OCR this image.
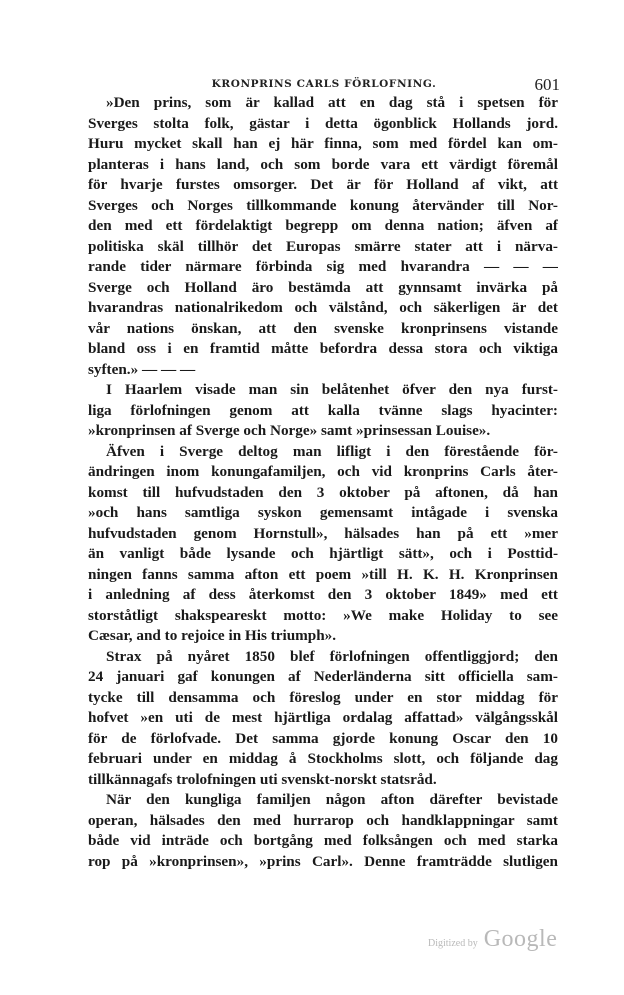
KRONPRINS CARLS FÖRLOFNING.	601
»Den prins, som är kallad att en dag stå i spetsen för
Sverges stolta folk, gästar i detta ögonblick Hollands jord.
Huru mycket skall han ej här finna, som med fördel kan om-
planteras i hans land, och som borde vara ett värdigt föremål
för hvarje furstes omsorger. Det är för Holland af vikt, att
Sverges och Norges tillkommande konung återvänder till Nor-
den med ett fördelaktigt begrepp om denna nation; äfven af
politiska skäl tillhör det Europas smärre stater att i närva-
rande tider närmare förbinda sig med hvarandra — — —
Sverge och Holland äro bestämda att gynnsamt invärka på
hvarandras nationalrikedom och välstånd, och säkerligen är det
vår nations önskan, att den svenske kronprinsens vistande
bland oss i en framtid måtte befordra dessa stora och viktiga
syften.» — — —
I Haarlem visade man sin belåtenhet öfver den nya furst-
liga förlofningen genom att kalla tvänne slags hyacinter:
»kronprinsen af Sverge och Norge» samt »prinsessan Louise».
Äfven i Sverge deltog man lifligt i den förestående för-
ändringen inom konungafamiljen, och vid kronprins Carls åter-
komst till hufvudstaden den 3 oktober på aftonen, då han
»och hans samtliga syskon gemensamt intågade i svenska
hufvudstaden genom Hornstull», hälsades han på ett »mer
än vanligt både lysande och hjärtligt sätt», och i Posttid-
ningen fanns samma afton ett poem »till H. K. H. Kronprinsen
i anledning af dess återkomst den 3 oktober 1849» med ett
storståtligt shakspeareskt motto: »We make Holiday to see
Cæsar, and to rejoice in His triumph».
Strax på nyåret 1850 blef förlofningen offentliggjord; den
24 januari gaf konungen af Nederländerna sitt officiella sam-
tycke till densamma och föreslog under en stor middag för
hofvet »en uti de mest hjärtliga ordalag affattad» välgångsskål
för de förlofvade. Det samma gjorde konung Oscar den 10
februari under en middag å Stockholms slott, och följande dag
tillkännagafs trolofningen uti svenskt-norskt statsråd.
När den kungliga familjen någon afton därefter bevistade
operan, hälsades den med hurrarop och handklappningar samt
både vid inträde och bortgång med folksången och med starka
rop på »kronprinsen», »prins Carl». Denne framträdde slutligen
Digitized by Google
